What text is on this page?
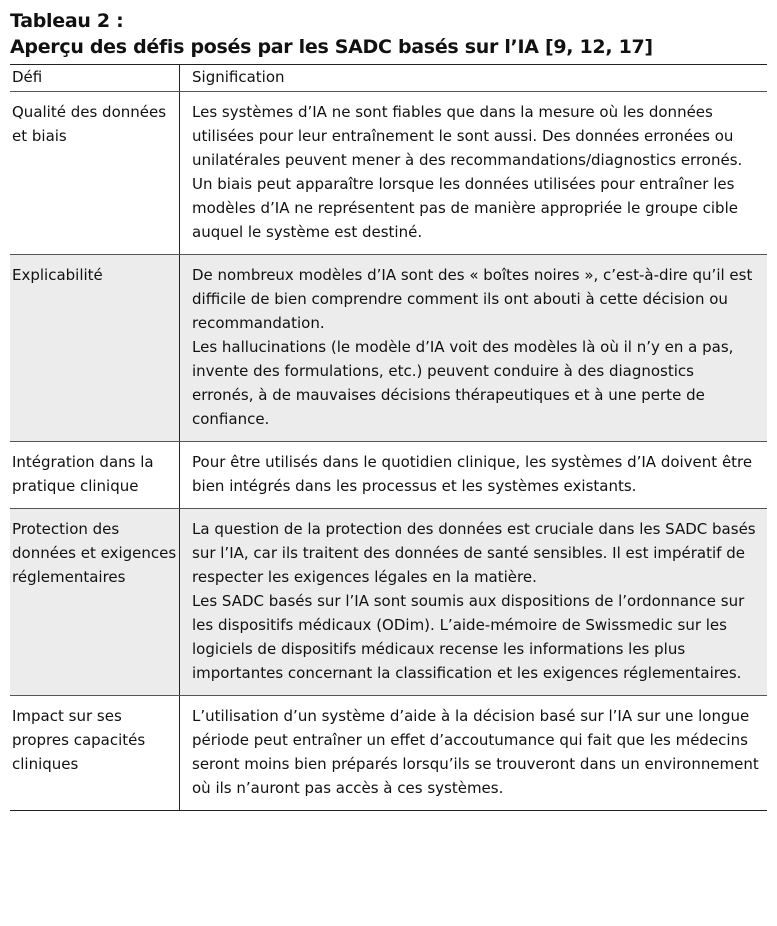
Tableau 2 :
Aperçu des défis posés par les SADC basés sur l’IA [9, 12, 17]
Défi	Signification
Qualité des données et biais

Les systèmes d’IA ne sont fiables que dans la mesure où les données utilisées pour leur entraînement le sont aussi. Des données erronées ou unilatérales peuvent mener à des recommandations/diagnostics erronés. Un biais peut apparaître lorsque les données utilisées pour entraîner les modèles d’IA ne représentent pas de manière appropriée le groupe cible auquel le système est destiné.

Explicabilité	De nombreux modèles d’IA sont des « boîtes noires », c’est-à-dire qu’il est difficile de bien comprendre comment ils ont abouti à cette décision ou recommandation.

Les hallucinations (le modèle d’IA voit des modèles là où il n’y en a pas, invente des formulations, etc.) peuvent conduire à des diagnostics erronés, à de mauvaises décisions thérapeutiques et à une perte de confiance.

Intégration dans la pratique clinique

Pour être utilisés dans le quotidien clinique, les systèmes d’IA doivent être bien intégrés dans les processus et les systèmes existants.

Protection des données et exigences réglementaires

La question de la protection des données est cruciale dans les SADC basés sur l’IA, car ils traitent des données de santé sensibles. Il est impératif de respecter les exigences légales en la matière.

Les SADC basés sur l’IA sont soumis aux dispositions de l’ordonnance sur les dispositifs médicaux (ODim). L’aide-mémoire de Swissmedic sur les logiciels de dispositifs médicaux recense les informations les plus importantes concernant la classification et les exigences réglementaires.

Impact sur ses propres capacités cliniques

L’utilisation d’un système d’aide à la décision basé sur l’IA sur une longue période peut entraîner un effet d’accoutumance qui fait que les médecins seront moins bien préparés lorsqu’ils se trouveront dans un environnement où ils n’auront pas accès à ces systèmes.
